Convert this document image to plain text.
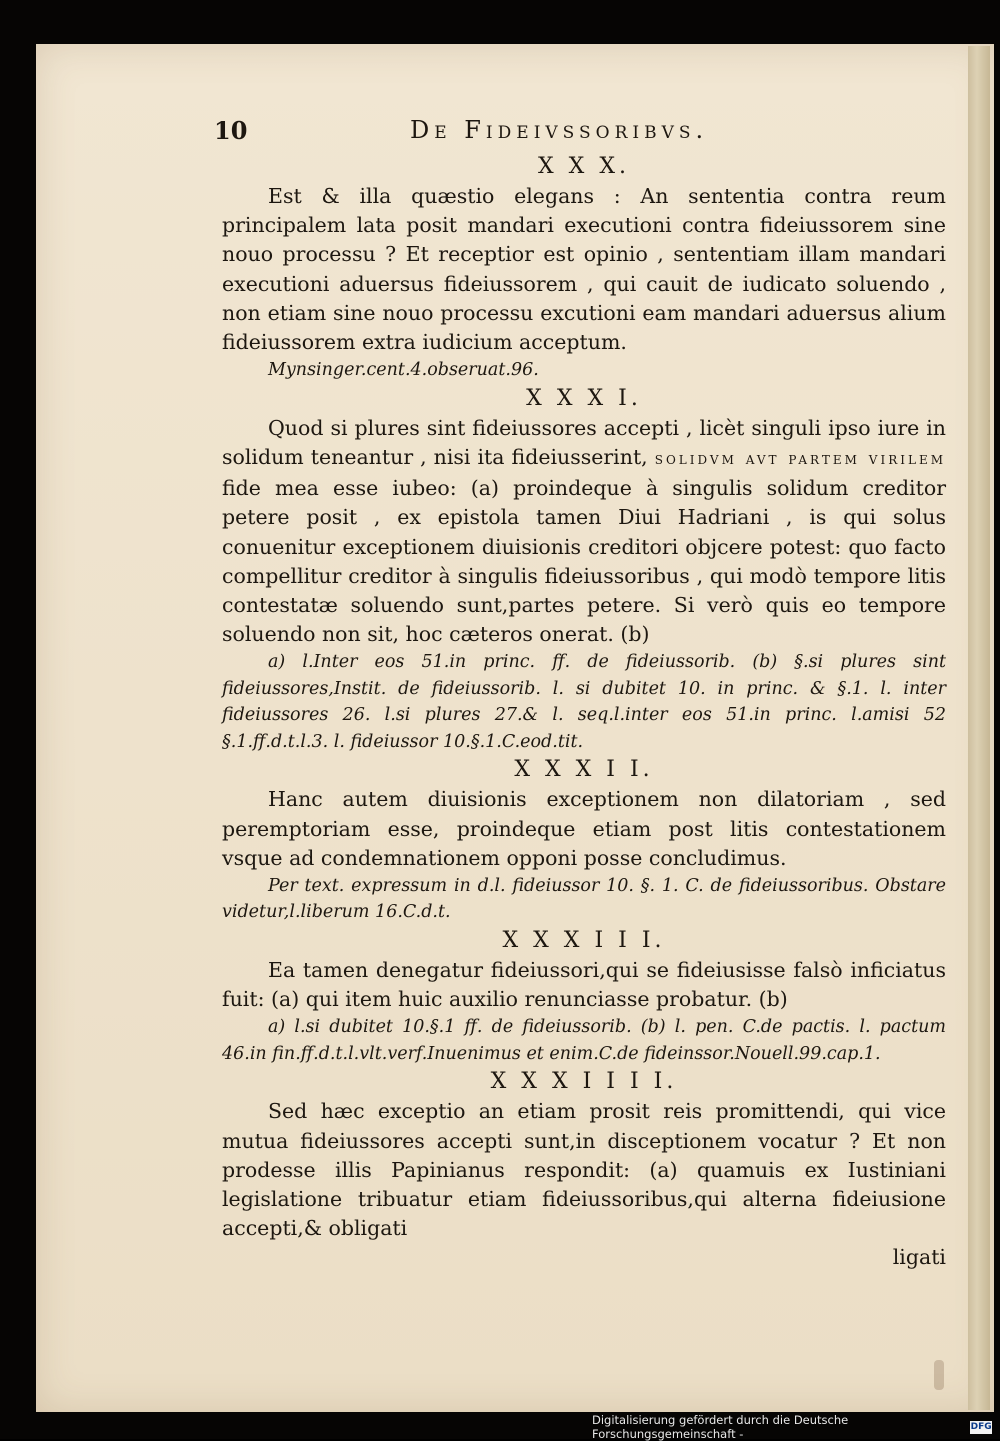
10	De Fideivssoribvs.
X X X.

Est & illa quæstio elegans : An sententia contra reum principalem lata posit mandari executioni contra fideiussorem sine nouo processu ? Et receptior est opinio , sententiam illam mandari executioni aduersus fideiussorem , qui cauit de iudicato soluendo , non etiam sine nouo processu excutioni eam mandari aduersus alium fideiussorem extra iudicium acceptum.

Mynsinger.cent.4.obseruat.96.

X X X I.

Quod si plures sint fideiussores accepti , licèt singuli ipso iure in solidum teneantur , nisi ita fideiusserint, solidvm avt partem virilem fide mea esse iubeo: (a) proindeque à singulis solidum creditor petere posit , ex epistola tamen Diui Hadriani , is qui solus conuenitur exceptionem diuisionis creditori objcere potest: quo facto compellitur creditor à singulis fideiussoribus , qui modò tempore litis contestatæ soluendo sunt,partes petere. Si verò quis eo tempore soluendo non sit, hoc cæteros onerat. (b)

a) l.Inter eos 51.in princ. ff. de fideiussorib. (b) §.si plures sint fideiussores,Instit. de fideiussorib. l. si dubitet 10. in princ. & §.1. l. inter fideiussores 26. l.si plures 27.& l. seq.l.inter eos 51.in princ. l.amisi 52 §.1.ff.d.t.l.3. l. fideiussor 10.§.1.C.eod.tit.

X X X I I.

Hanc autem diuisionis exceptionem non dilatoriam , sed peremptoriam esse, proindeque etiam post litis contestationem vsque ad condemnationem opponi posse concludimus.

Per text. expressum in d.l. fideiussor 10. §. 1. C. de fideiussoribus. Obstare videtur,l.liberum 16.C.d.t.

X X X I I I.

Ea tamen denegatur fideiussori,qui se fideiusisse falsò inficiatus fuit: (a) qui item huic auxilio renunciasse probatur. (b)

a) l.si dubitet 10.§.1 ff. de fideiussorib. (b) l. pen. C.de pactis. l. pactum 46.in fin.ff.d.t.l.vlt.verf.Inuenimus et enim.C.de fideinssor.Nouell.99.cap.1.

X X X I I I I.

Sed hæc exceptio an etiam prosit reis promittendi, qui vice mutua fideiussores accepti sunt,in disceptionem vocatur ? Et non prodesse illis Papinianus respondit: (a) quamuis ex Iustiniani legislatione tribuatur etiam fideiussoribus,qui alterna fideiusione accepti,& obligati

ligati
Digitalisierung gefördert durch die Deutsche Forschungsgemeinschaft -
DFG
